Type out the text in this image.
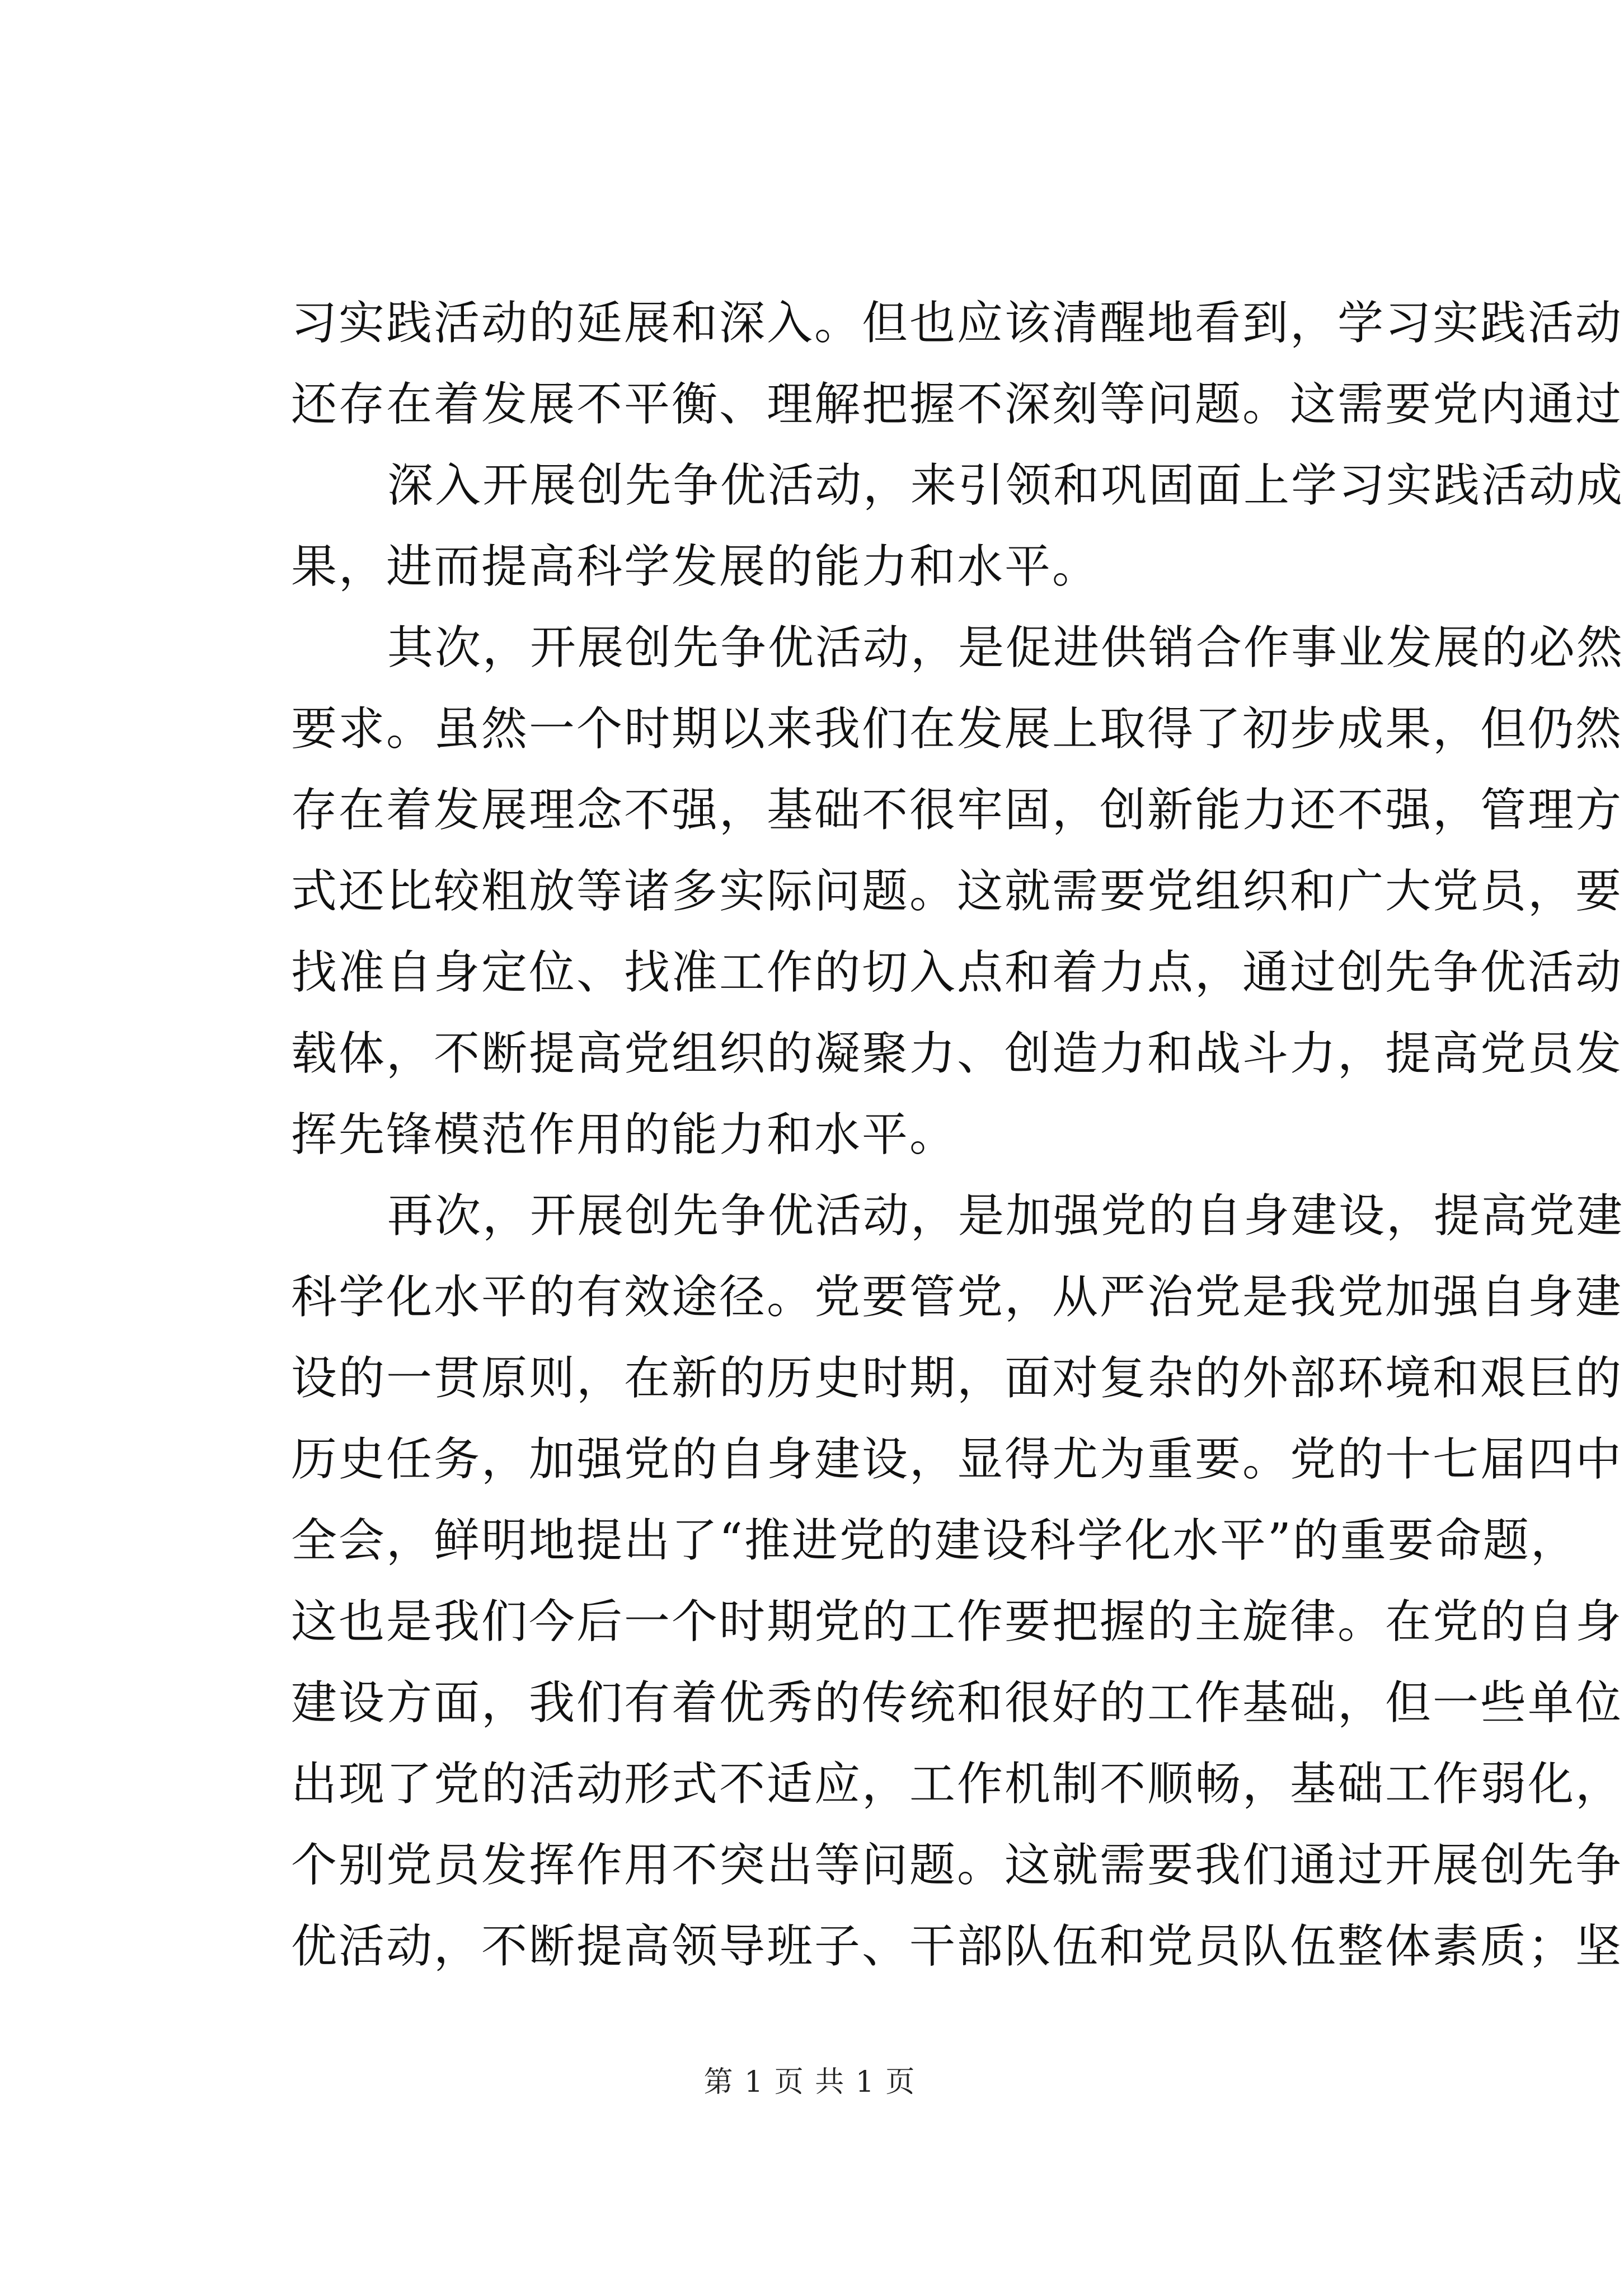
习实践活动的延展和深入。但也应该清醒地看到，学习实践活动
还存在着发展不平衡、理解把握不深刻等问题。这需要党内通过
深入开展创先争优活动，来引领和巩固面上学习实践活动成
果，进而提高科学发展的能力和水平。
其次，开展创先争优活动，是促进供销合作事业发展的必然
要求。虽然一个时期以来我们在发展上取得了初步成果，但仍然
存在着发展理念不强，基础不很牢固，创新能力还不强，管理方
式还比较粗放等诸多实际问题。这就需要党组织和广大党员，要
找准自身定位、找准工作的切入点和着力点，通过创先争优活动
载体，不断提高党组织的凝聚力、创造力和战斗力，提高党员发
挥先锋模范作用的能力和水平。
再次，开展创先争优活动，是加强党的自身建设，提高党建
科学化水平的有效途径。党要管党，从严治党是我党加强自身建
设的一贯原则，在新的历史时期，面对复杂的外部环境和艰巨的
历史任务，加强党的自身建设，显得尤为重要。党的十七届四中
全会，鲜明地提出了“推进党的建设科学化水平”的重要命题，
这也是我们今后一个时期党的工作要把握的主旋律。在党的自身
建设方面，我们有着优秀的传统和很好的工作基础，但一些单位
出现了党的活动形式不适应，工作机制不顺畅，基础工作弱化，
个别党员发挥作用不突出等问题。这就需要我们通过开展创先争
优活动，不断提高领导班子、干部队伍和党员队伍整体素质；坚
第 1 页 共 1 页
